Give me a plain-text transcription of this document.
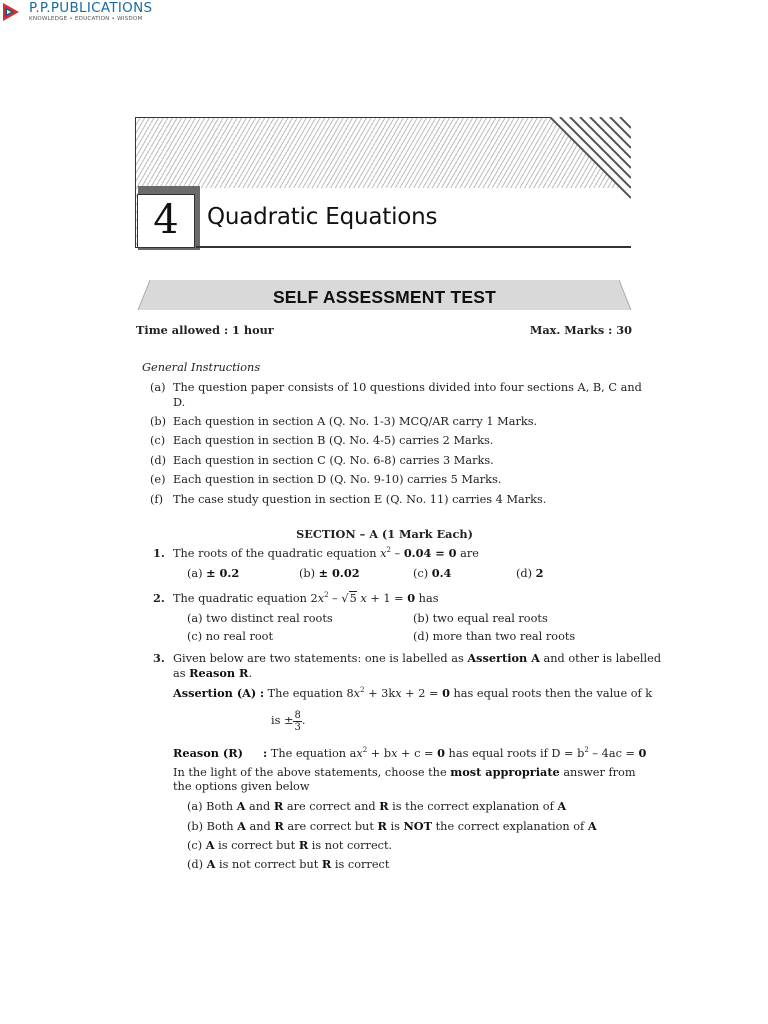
P.P.PUBLICATIONS
KNOWLEDGE • EDUCATION • WISDOM
4	Quadratic Equations
SELF ASSESSMENT TEST
Time allowed : 1 hour	Max. Marks : 30
General Instructions
(a) The question paper consists of 10 questions divided into four sections A, B, C and
D.
(b) Each question in section A (Q. No. 1-3) MCQ/AR carry 1 Marks.
(c) Each question in section B (Q. No. 4-5) carries 2 Marks.
(d) Each question in section C (Q. No. 6-8) carries 3 Marks.
(e) Each question in section D (Q. No. 9-10) carries 5 Marks.
(f) The case study question in section E (Q. No. 11) carries 4 Marks.
SECTION – A (1 Mark Each)
1. The roots of the quadratic equation $x^2 - 0.04 = 0$ are
(a) ± 0.2	(b) ± 0.02	(c) 0.4	(d) 2
2. The quadratic equation $2x^2 - √5$ x + 1 = 0 has
(a) two distinct real roots	(b) two equal real roots
(c) no real root	(d) more than two real roots
3. Given below are two statements: one is labelled as Assertion A and other is labelled
as Reason R.
Assertion (A) : The equation $8x^2 + 3kx + 2 = 0$ has equal roots then the value of k
is ± $\frac{8}{3}$ .
Reason (R) : The equation $ax^2$ + bx + c = 0 has equal roots if $D = b^2 - 4ac = 0$
In the light of the above statements, choose the most appropriate answer from
the options given below
(a) Both A and R are correct and R is the correct explanation of A
(b) Both A and R are correct but R is NOT the correct explanation of A
(c) A is correct but R is not correct.
(d) A is not correct but R is correct
